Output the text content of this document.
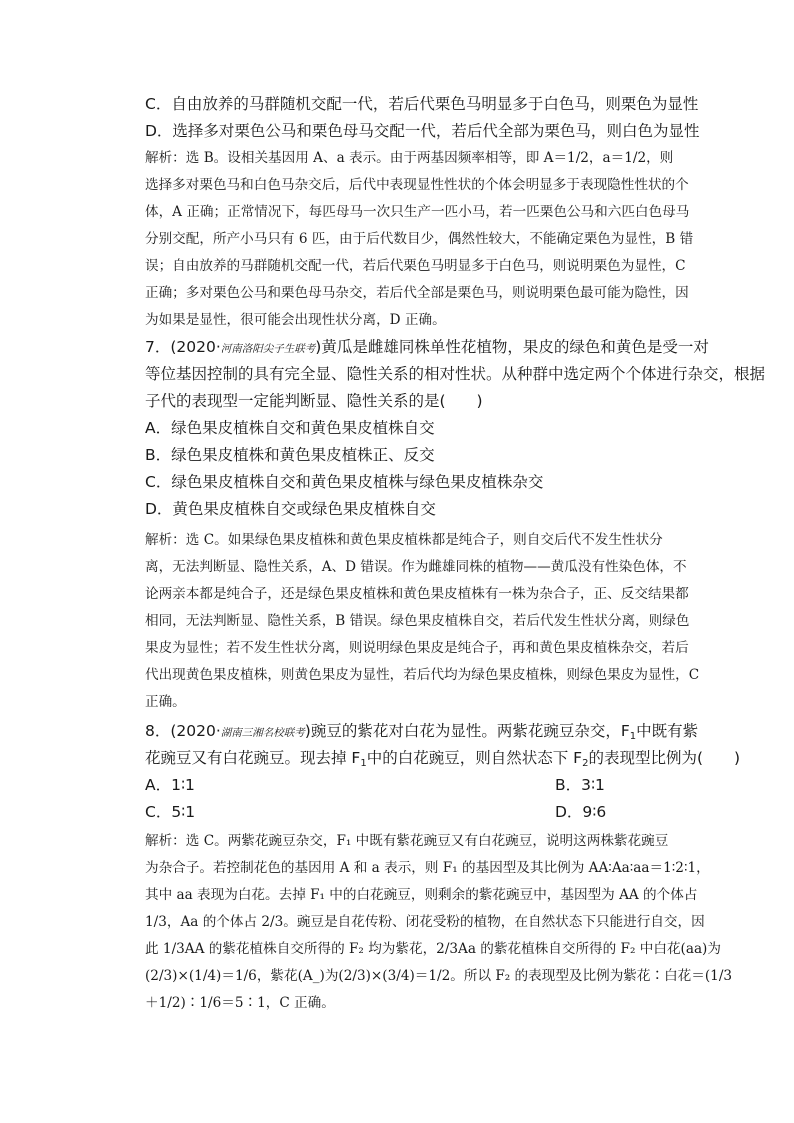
C．自由放养的马群随机交配一代，若后代栗色马明显多于白色马，则栗色为显性
D．选择多对栗色公马和栗色母马交配一代，若后代全部为栗色马，则白色为显性
解析：选 B。设相关基因用 A、a 表示。由于两基因频率相等，即 A＝1/2，a＝1/2，则
选择多对栗色马和白色马杂交后，后代中表现显性性状的个体会明显多于表现隐性性状的个
体，A 正确；正常情况下，每匹母马一次只生产一匹小马，若一匹栗色公马和六匹白色母马
分别交配，所产小马只有 6 匹，由于后代数目少，偶然性较大，不能确定栗色为显性，B 错
误；自由放养的马群随机交配一代，若后代栗色马明显多于白色马，则说明栗色为显性，C
正确；多对栗色公马和栗色母马杂交，若后代全部是栗色马，则说明栗色最可能为隐性，因
为如果是显性，很可能会出现性状分离，D 正确。
7．(2020·河南洛阳尖子生联考)黄瓜是雌雄同株单性花植物，果皮的绿色和黄色是受一对
等位基因控制的具有完全显、隐性关系的相对性状。从种群中选定两个个体进行杂交，根据
子代的表现型一定能判断显、隐性关系的是(　　)
A．绿色果皮植株自交和黄色果皮植株自交
B．绿色果皮植株和黄色果皮植株正、反交
C．绿色果皮植株自交和黄色果皮植株与绿色果皮植株杂交
D．黄色果皮植株自交或绿色果皮植株自交
解析：选 C。如果绿色果皮植株和黄色果皮植株都是纯合子，则自交后代不发生性状分
离，无法判断显、隐性关系，A、D 错误。作为雌雄同株的植物——黄瓜没有性染色体，不
论两亲本都是纯合子，还是绿色果皮植株和黄色果皮植株有一株为杂合子，正、反交结果都
相同，无法判断显、隐性关系，B 错误。绿色果皮植株自交，若后代发生性状分离，则绿色
果皮为显性；若不发生性状分离，则说明绿色果皮是纯合子，再和黄色果皮植株杂交，若后
代出现黄色果皮植株，则黄色果皮为显性，若后代均为绿色果皮植株，则绿色果皮为显性，C
正确。
8．(2020·湖南三湘名校联考)豌豆的紫花对白花为显性。两紫花豌豆杂交，$F_1$中既有紫
花豌豆又有白花豌豆。现去掉 $F_1$中的白花豌豆，则自然状态下 $F_2$的表现型比例为(　　)
A．1∶1	B．3∶1
C．5∶1	D．9∶6
解析：选 C。两紫花豌豆杂交，F₁ 中既有紫花豌豆又有白花豌豆，说明这两株紫花豌豆
为杂合子。若控制花色的基因用 A 和 a 表示，则 F₁ 的基因型及其比例为 AA∶Aa∶aa＝1∶2∶1，
其中 aa 表现为白花。去掉 F₁ 中的白花豌豆，则剩余的紫花豌豆中，基因型为 AA 的个体占
1/3，Aa 的个体占 2/3。豌豆是自花传粉、闭花受粉的植物，在自然状态下只能进行自交，因
此 1/3AA 的紫花植株自交所得的 F₂ 均为紫花，2/3Aa 的紫花植株自交所得的 F₂ 中白花(aa)为
(2/3)×(1/4)＝1/6，紫花(A_)为(2/3)×(3/4)＝1/2。所以 F₂ 的表现型及比例为紫花∶白花＝(1/3
＋1/2)∶1/6＝5∶1，C 正确。
